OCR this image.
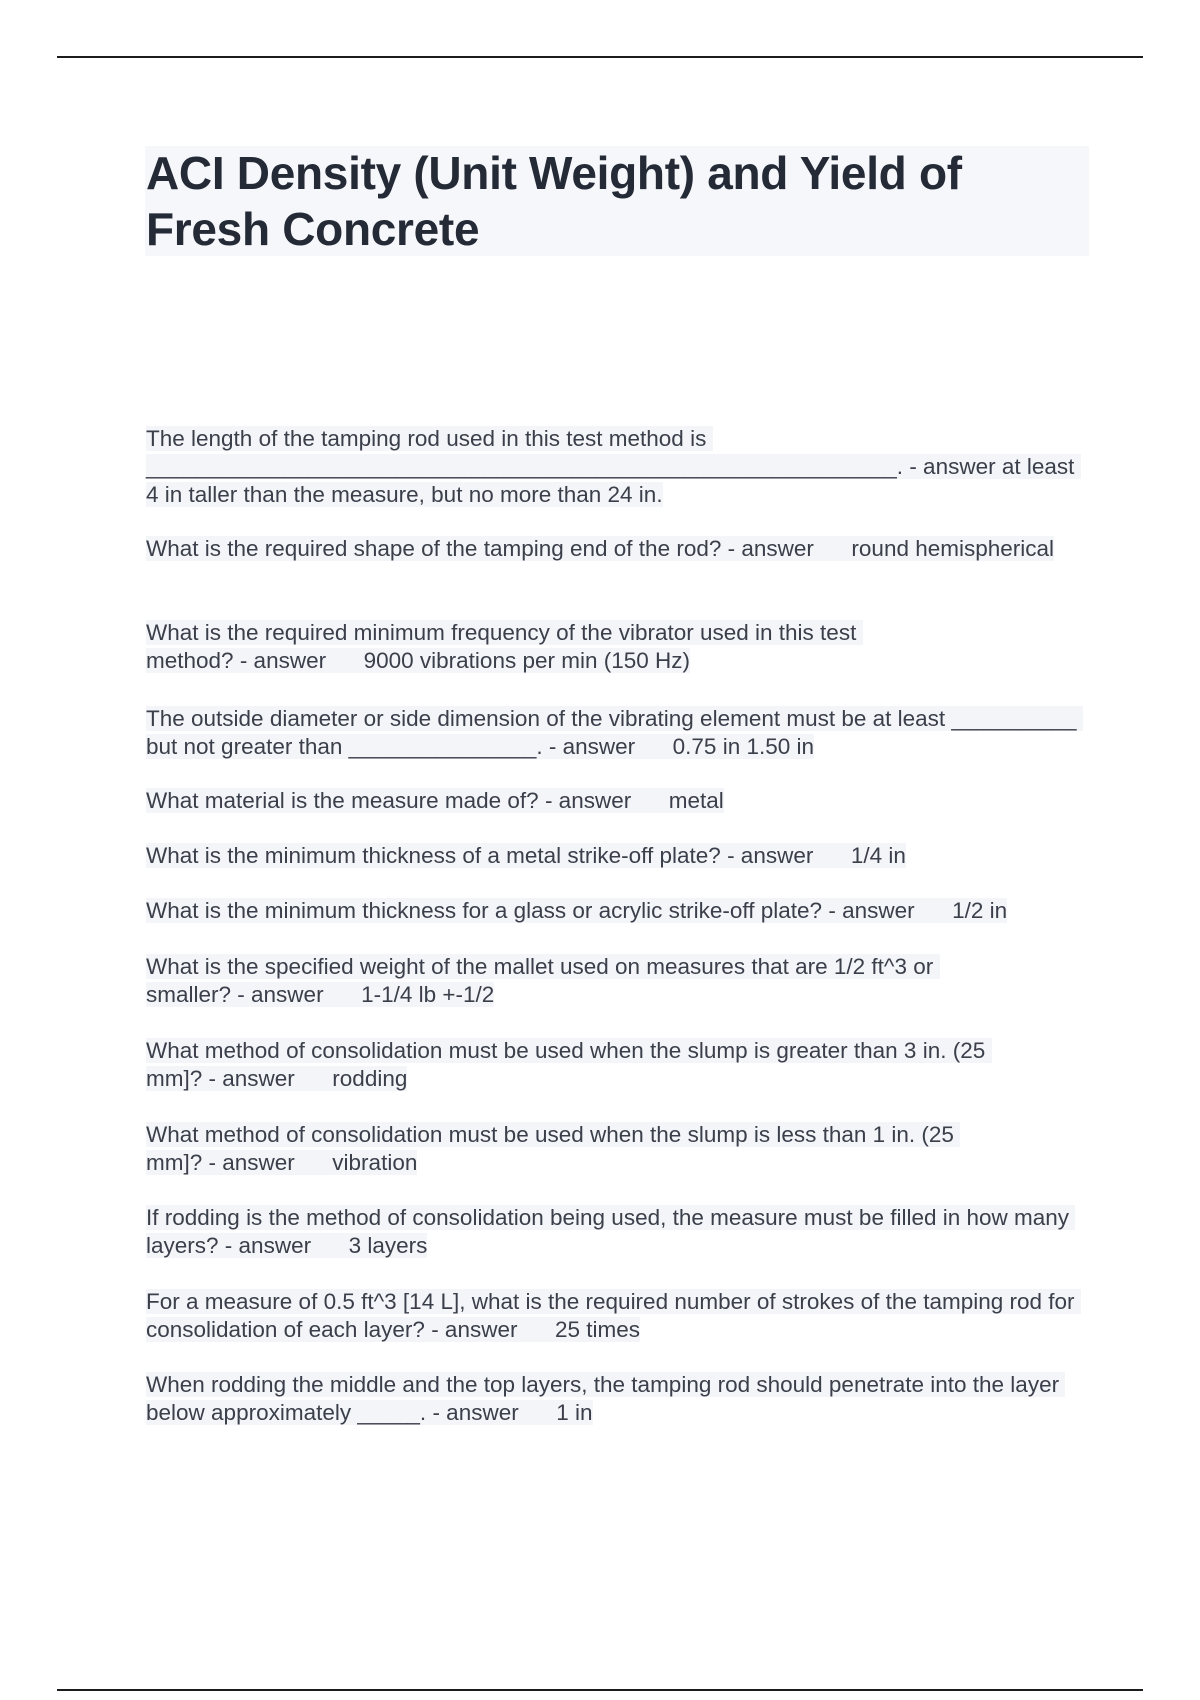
ACI Density (Unit Weight) and Yield of Fresh Concrete
The length of the tamping rod used in this test method is ____________________________________________________________. - answer at least 4 in taller than the measure, but no more than 24 in.
What is the required shape of the tamping end of the rod? - answer      round hemispherical
What is the required minimum frequency of the vibrator used in this test method? - answer      9000 vibrations per min (150 Hz)
The outside diameter or side dimension of the vibrating element must be at least __________ but not greater than _______________. - answer      0.75 in 1.50 in
What material is the measure made of? - answer      metal
What is the minimum thickness of a metal strike-off plate? - answer      1/4 in
What is the minimum thickness for a glass or acrylic strike-off plate? - answer      1/2 in
What is the specified weight of the mallet used on measures that are 1/2 ft^3 or smaller? - answer      1-1/4 lb +-1/2
What method of consolidation must be used when the slump is greater than 3 in. (25 mm]? - answer      rodding
What method of consolidation must be used when the slump is less than 1 in. (25 mm]? - answer      vibration
If rodding is the method of consolidation being used, the measure must be filled in how many layers? - answer      3 layers
For a measure of 0.5 ft^3 [14 L], what is the required number of strokes of the tamping rod for consolidation of each layer? - answer      25 times
When rodding the middle and the top layers, the tamping rod should penetrate into the layer below approximately _____. - answer      1 in
